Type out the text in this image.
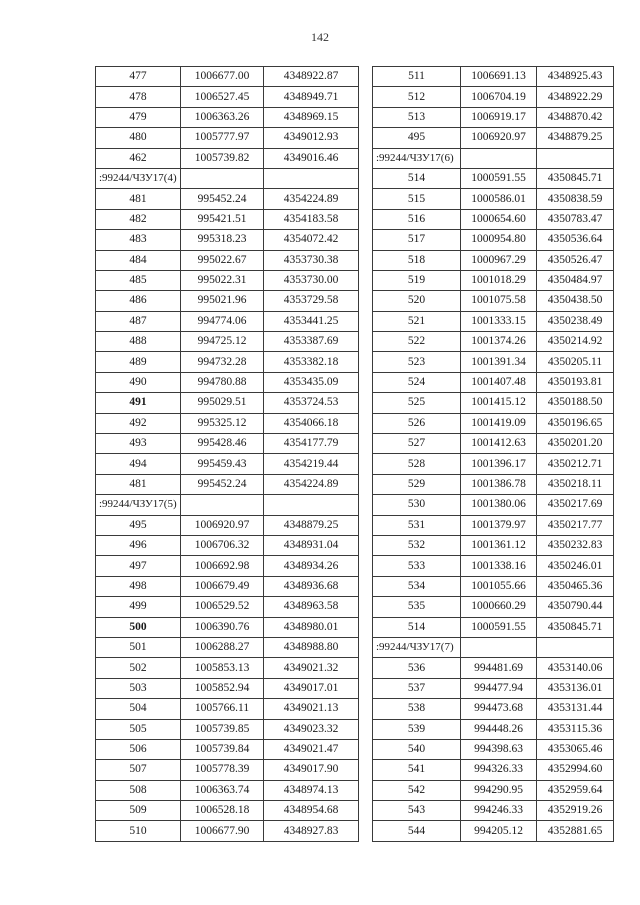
142
477	1006677.00	4348922.87
478	1006527.45	4348949.71
479	1006363.26	4348969.15
480	1005777.97	4349012.93
462	1005739.82	4349016.46
:99244/ЧЗУ17(4)		
481	995452.24	4354224.89
482	995421.51	4354183.58
483	995318.23	4354072.42
484	995022.67	4353730.38
485	995022.31	4353730.00
486	995021.96	4353729.58
487	994774.06	4353441.25
488	994725.12	4353387.69
489	994732.28	4353382.18
490	994780.88	4353435.09
491	995029.51	4353724.53
492	995325.12	4354066.18
493	995428.46	4354177.79
494	995459.43	4354219.44
481	995452.24	4354224.89
:99244/ЧЗУ17(5)		
495	1006920.97	4348879.25
496	1006706.32	4348931.04
497	1006692.98	4348934.26
498	1006679.49	4348936.68
499	1006529.52	4348963.58
500	1006390.76	4348980.01
501	1006288.27	4348988.80
502	1005853.13	4349021.32
503	1005852.94	4349017.01
504	1005766.11	4349021.13
505	1005739.85	4349023.32
506	1005739.84	4349021.47
507	1005778.39	4349017.90
508	1006363.74	4348974.13
509	1006528.18	4348954.68
510	1006677.90	4348927.83
511	1006691.13	4348925.43
512	1006704.19	4348922.29
513	1006919.17	4348870.42
495	1006920.97	4348879.25
:99244/ЧЗУ17(6)		
514	1000591.55	4350845.71
515	1000586.01	4350838.59
516	1000654.60	4350783.47
517	1000954.80	4350536.64
518	1000967.29	4350526.47
519	1001018.29	4350484.97
520	1001075.58	4350438.50
521	1001333.15	4350238.49
522	1001374.26	4350214.92
523	1001391.34	4350205.11
524	1001407.48	4350193.81
525	1001415.12	4350188.50
526	1001419.09	4350196.65
527	1001412.63	4350201.20
528	1001396.17	4350212.71
529	1001386.78	4350218.11
530	1001380.06	4350217.69
531	1001379.97	4350217.77
532	1001361.12	4350232.83
533	1001338.16	4350246.01
534	1001055.66	4350465.36
535	1000660.29	4350790.44
514	1000591.55	4350845.71
:99244/ЧЗУ17(7)		
536	994481.69	4353140.06
537	994477.94	4353136.01
538	994473.68	4353131.44
539	994448.26	4353115.36
540	994398.63	4353065.46
541	994326.33	4352994.60
542	994290.95	4352959.64
543	994246.33	4352919.26
544	994205.12	4352881.65
